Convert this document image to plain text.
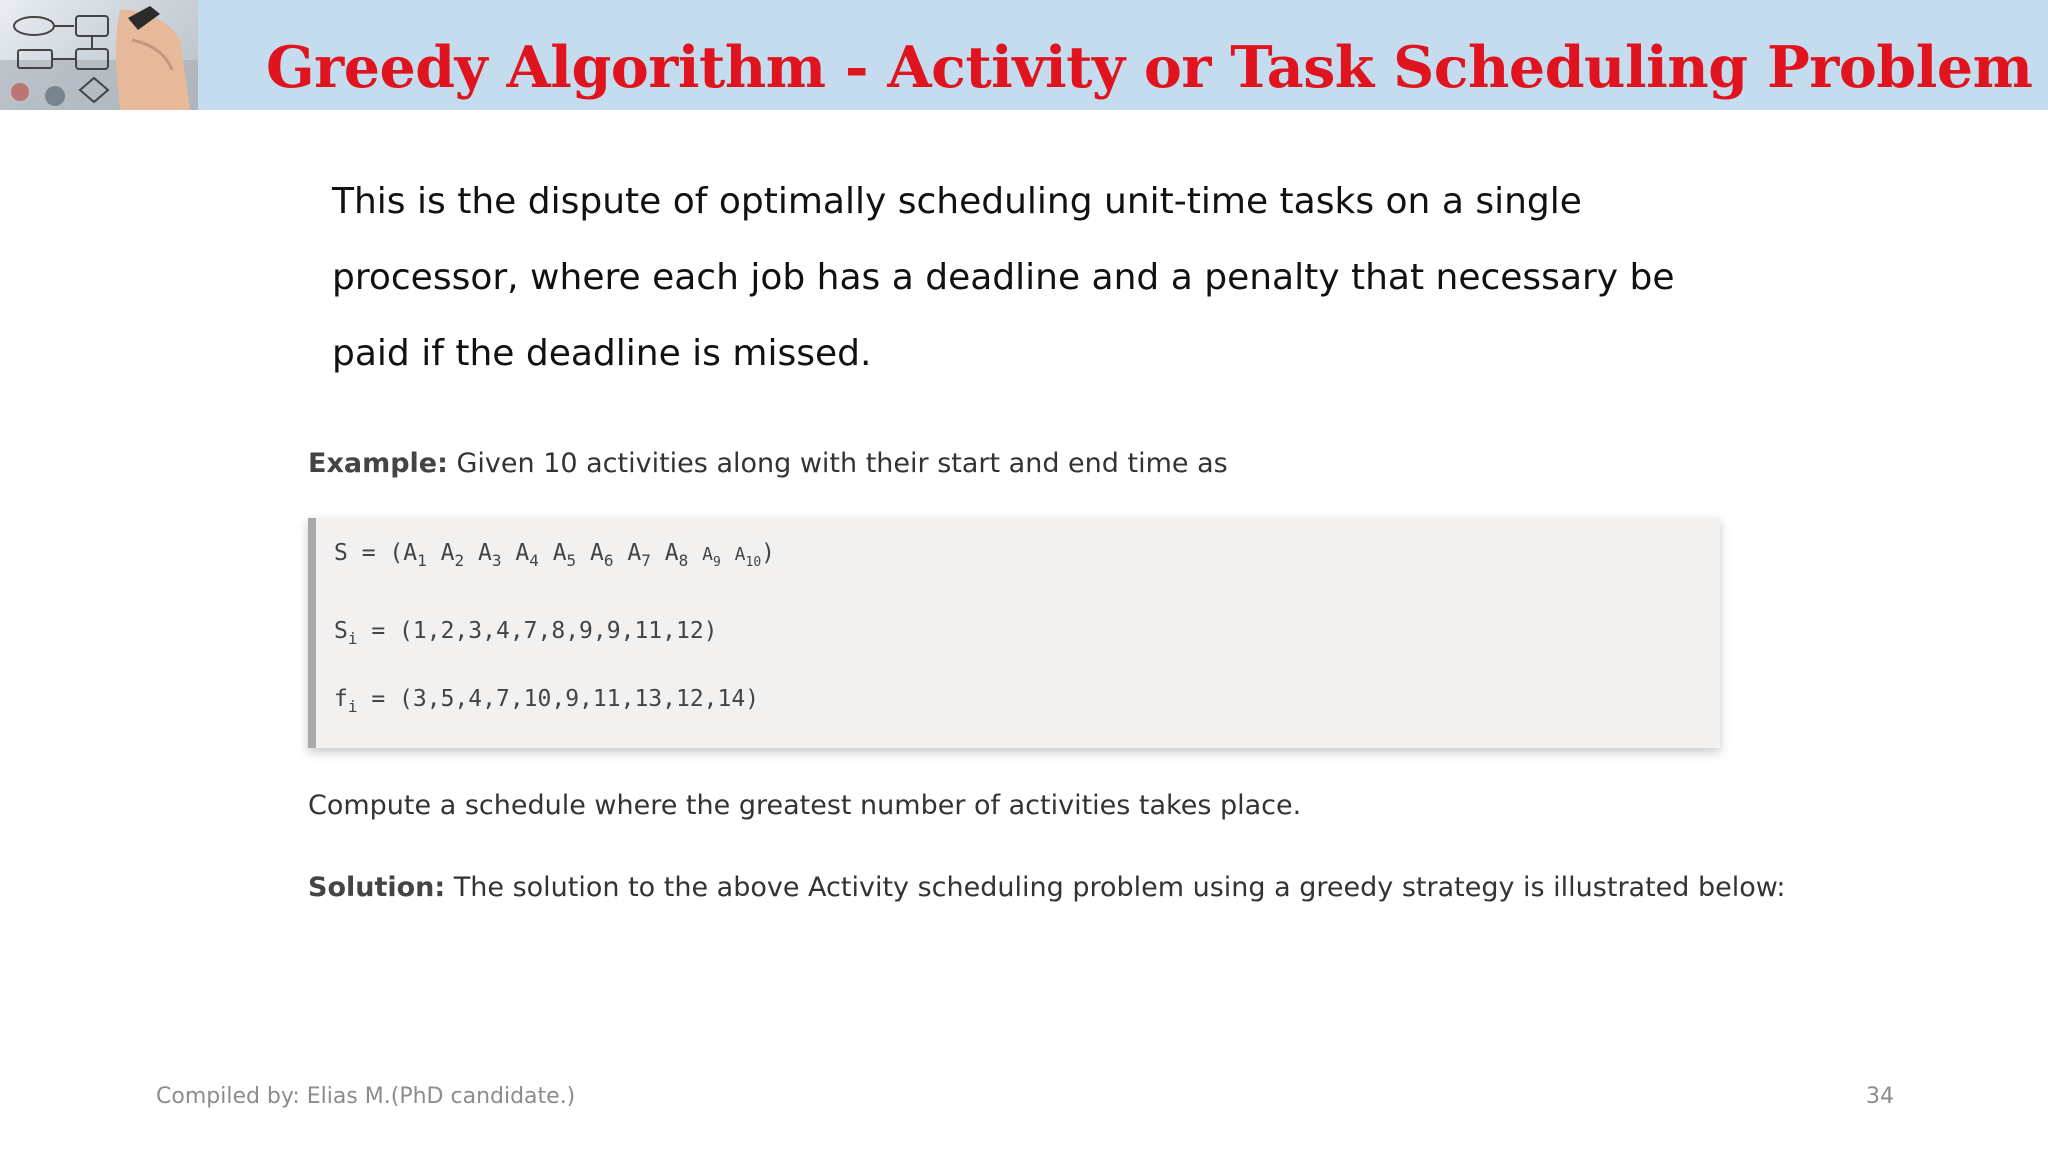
Greedy Algorithm - Activity or Task Scheduling Problem

This is the dispute of optimally scheduling unit-time tasks on a single processor, where each job has a deadline and a penalty that necessary be paid if the deadline is missed.

Example: Given 10 activities along with their start and end time as
$S = (A_1$ $A_2$ $A_3$ $A_4$ $A_5$ $A_6$ $A_7$ $A_8$ $A_9$ $A_{10}$)
$S_i = (1,2,3,4,7,8,9,9,11,12)$
$f_i = (3,5,4,7,10,9,11,13,12,14)$
Compute a schedule where the greatest number of activities takes place.
Solution: The solution to the above Activity scheduling problem using a greedy strategy is illustrated below:
Compiled by: Elias M.(PhD candidate.)	34
